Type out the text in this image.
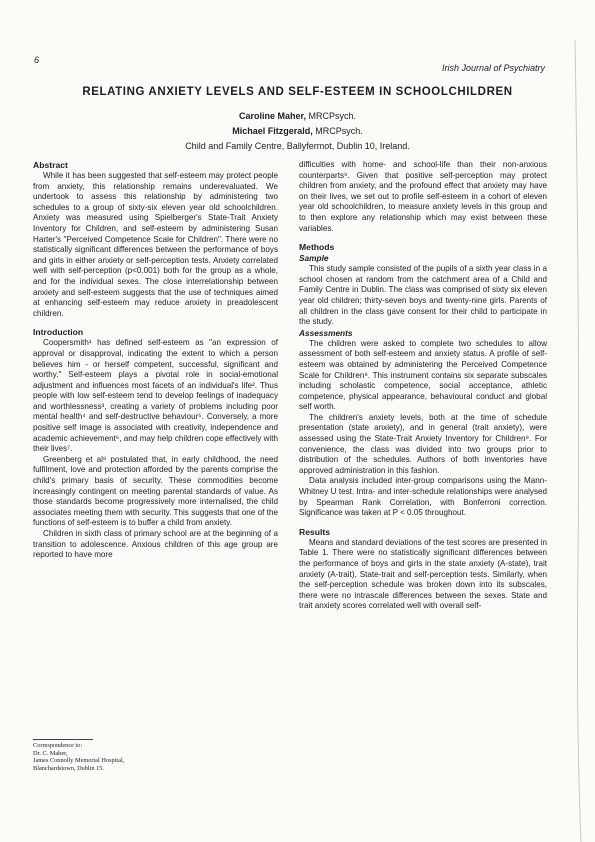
6
Irish Journal of Psychiatry
RELATING ANXIETY LEVELS AND SELF-ESTEEM IN SCHOOLCHILDREN
Caroline Maher, MRCPsych.
Michael Fitzgerald, MRCPsych.
Child and Family Centre, Ballyfermot, Dublin 10, Ireland.
Abstract

While it has been suggested that self-esteem may protect people from anxiety, this relationship remains underevaluated. We undertook to assess this relationship by administering two schedules to a group of sixty-six eleven year old schoolchildren. Anxiety was measured using Spielberger's State-Trait Anxiety Inventory for Children, and self-esteem by administering Susan Harter's "Perceived Competence Scale for Children". There were no statistically significant differences between the performance of boys and girls in either anxiety or self-perception tests. Anxiety correlated well with self-perception (p<0.001) both for the group as a whole, and for the individual sexes. The close interrelationship between anxiety and self-esteem suggests that the use of techniques aimed at enhancing self-esteem may reduce anxiety in preadolescent children.

Introduction

Coopersmith¹ has defined self-esteem as "an expression of approval or disapproval, indicating the extent to which a person believes him - or herself competent, successful, significant and worthy." Self-esteem plays a pivotal role in social-emotional adjustment and influences most facets of an individual's life². Thus people with low self-esteem tend to develop feelings of inadequacy and worthlessness³, creating a variety of problems including poor mental health⁴ and self-destructive behaviour⁵. Conversely, a more positive self image is associated with creativity, independence and academic achievement⁶, and may help children cope effectively with their lives⁷.

Greenberg et al⁸ postulated that, in early childhood, the need fulfilment, love and protection afforded by the parents comprise the child's primary basis of security. These commodities become increasingly contingent on meeting parental standards of value. As those standards become progressively more internalised, the child associates meeting them with security. This suggests that one of the functions of self-esteem is to buffer a child from anxiety.

Children in sixth class of primary school are at the beginning of a transition to adolescence. Anxious children of this age group are reported to have more

difficulties with home- and school-life than their non-anxious counterparts⁹. Given that positive self-perception may protect children from anxiety, and the profound effect that anxiety may have on their lives, we set out to profile self-esteem in a cohort of eleven year old schoolchildren, to measure anxiety levels in this group and to then explore any relationship which may exist between these variables.

Methods
Sample

This study sample consisted of the pupils of a sixth year class in a school chosen at random from the catchment area of a Child and Family Centre in Dublin. The class was comprised of sixty six eleven year old children; thirty-seven boys and twenty-nine girls. Parents of all children in the class gave consent for their child to participate in the study.

Assessments

The children were asked to complete two schedules to allow assessment of both self-esteem and anxiety status. A profile of self-esteem was obtained by administering the Perceived Competence Scale for Children⁸. This instrument contains six separate subscales including scholastic competence, social acceptance, athletic competence, physical appearance, behavioural conduct and global self worth.

The children's anxiety levels, both at the time of schedule presentation (state anxiety), and in general (trait anxiety), were assessed using the State-Trait Anxiety Inventory for Children⁹. For convenience, the class was divided into two groups prior to distribution of the schedules. Authors of both inventories have approved administration in this fashion.

Data analysis included inter-group comparisons using the Mann-Whitney U test. Intra- and inter-schedule relationships were analysed by Spearman Rank Correlation, with Bonferroni correction. Significance was taken at P < 0.05 throughout.

Results

Means and standard deviations of the test scores are presented in Table 1. There were no statistically significant differences between the performance of boys and girls in the state anxiety (A-state), trait anxiety (A-trait), State-trait and self-perception tests. Similarly, when the self-perception schedule was broken down into its subscales, there were no intrascale differences between the sexes. State and trait anxiety scores correlated well with overall self-

Correspondence to:
Dr. C. Maher,
James Connolly Memorial Hospital,
Blanchardstown, Dublin 15.
